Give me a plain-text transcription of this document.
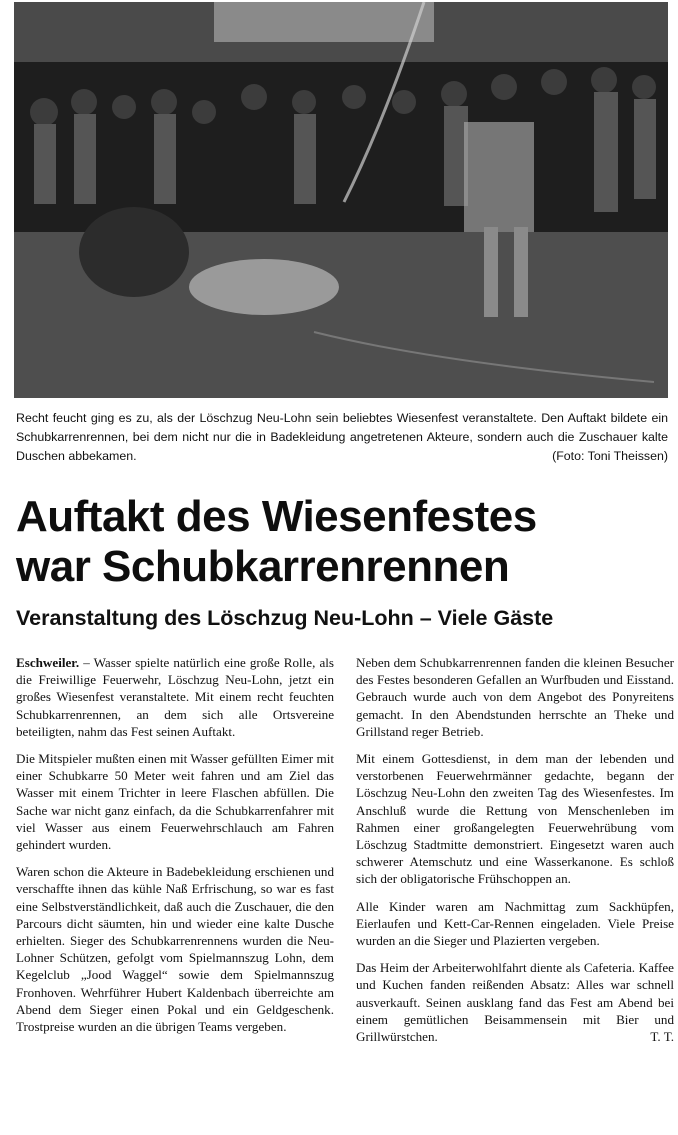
Recht feucht ging es zu, als der Löschzug Neu-Lohn sein beliebtes Wiesenfest veranstaltete. Den Auftakt bildete ein Schubkarrenrennen, bei dem nicht nur die in Badekleidung angetretenen Akteure, sondern auch die Zuschauer kalte Duschen abbekamen.	(Foto: Toni Theissen)
Auftakt des Wiesenfestes
war Schubkarrenrennen
Veranstaltung des Löschzug Neu-Lohn – Viele Gäste

Eschweiler. – Wasser spielte natürlich eine große Rolle, als die Freiwillige Feuerwehr, Löschzug Neu-Lohn, jetzt ein großes Wiesenfest veranstaltete. Mit einem recht feuchten Schubkarrenrennen, an dem sich alle Ortsvereine beteiligten, nahm das Fest seinen Auftakt.

Die Mitspieler mußten einen mit Wasser gefüllten Eimer mit einer Schubkarre 50 Meter weit fahren und am Ziel das Wasser mit einem Trichter in leere Flaschen abfüllen. Die Sache war nicht ganz einfach, da die Schubkarrenfahrer mit viel Wasser aus einem Feuerwehrschlauch am Fahren gehindert wurden.

Waren schon die Akteure in Badebekleidung erschienen und verschaffte ihnen das kühle Naß Erfrischung, so war es fast eine Selbstverständlichkeit, daß auch die Zuschauer, die den Parcours dicht säumten, hin und wieder eine kalte Dusche erhielten. Sieger des Schubkarrenrennens wurden die Neu-Lohner Schützen, gefolgt vom Spielmannszug Lohn, dem Kegelclub „Jood Waggel“ sowie dem Spielmannszug Fronhoven. Wehrführer Hubert Kaldenbach überreichte am Abend dem Sieger einen Pokal und ein Geldgeschenk. Trostpreise wurden an die übrigen Teams vergeben.

Neben dem Schubkarrenrennen fanden die kleinen Besucher des Festes besonderen Gefallen an Wurfbuden und Eisstand. Gebrauch wurde auch von dem Angebot des Ponyreitens gemacht. In den Abendstunden herrschte an Theke und Grillstand reger Betrieb.

Mit einem Gottesdienst, in dem man der lebenden und verstorbenen Feuerwehrmänner gedachte, begann der Löschzug Neu-Lohn den zweiten Tag des Wiesenfestes. Im Anschluß wurde die Rettung von Menschenleben im Rahmen einer großangelegten Feuerwehrübung vom Löschzug Stadtmitte demonstriert. Eingesetzt waren auch schwerer Atemschutz und eine Wasserkanone. Es schloß sich der obligatorische Frühschoppen an.

Alle Kinder waren am Nachmittag zum Sackhüpfen, Eierlaufen und Kett-Car-Rennen eingeladen. Viele Preise wurden an die Sieger und Plazierten vergeben.

Das Heim der Arbeiterwohlfahrt diente als Cafeteria. Kaffee und Kuchen fanden reißenden Absatz: Alles war schnell ausverkauft. Seinen ausklang fand das Fest am Abend bei einem gemütlichen Beisammensein mit Bier und Grillwürstchen.	T. T.
